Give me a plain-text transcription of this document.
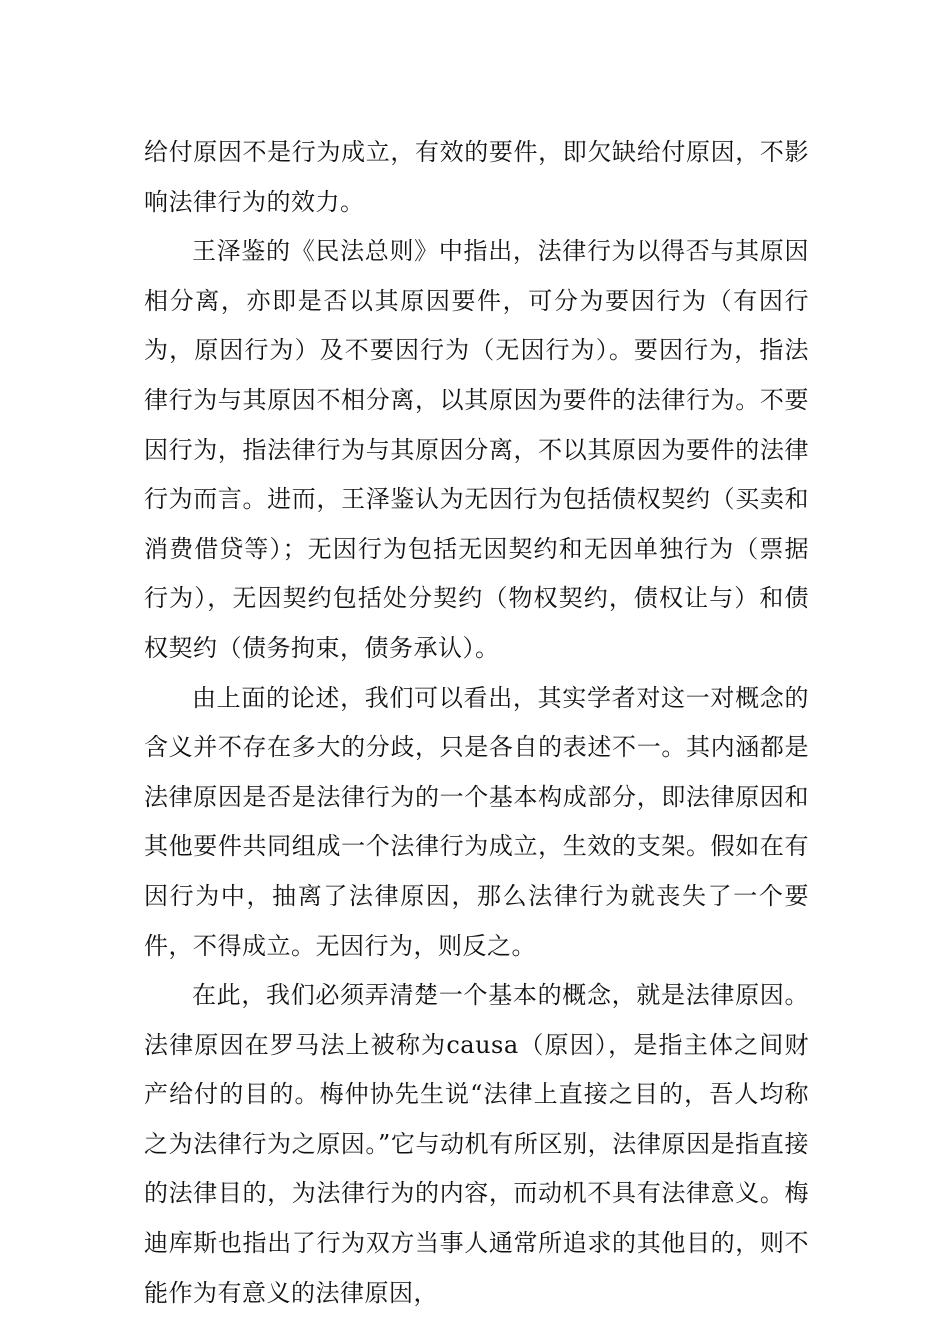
给付原因不是行为成立，有效的要件，即欠缺给付原因，不影响法律行为的效力。

王泽鉴的《民法总则》中指出，法律行为以得否与其原因相分离，亦即是否以其原因要件，可分为要因行为（有因行为，原因行为）及不要因行为（无因行为）。要因行为，指法律行为与其原因不相分离，以其原因为要件的法律行为。不要因行为，指法律行为与其原因分离，不以其原因为要件的法律行为而言。进而，王泽鉴认为无因行为包括债权契约（买卖和消费借贷等）；无因行为包括无因契约和无因单独行为（票据行为），无因契约包括处分契约（物权契约，债权让与）和债权契约（债务拘束，债务承认）。

由上面的论述，我们可以看出，其实学者对这一对概念的含义并不存在多大的分歧，只是各自的表述不一。其内涵都是法律原因是否是法律行为的一个基本构成部分，即法律原因和其他要件共同组成一个法律行为成立，生效的支架。假如在有因行为中，抽离了法律原因，那么法律行为就丧失了一个要件，不得成立。无因行为，则反之。

在此，我们必须弄清楚一个基本的概念，就是法律原因。法律原因在罗马法上被称为causa（原因），是指主体之间财产给付的目的。梅仲协先生说“法律上直接之目的，吾人均称之为法律行为之原因。”它与动机有所区别，法律原因是指直接的法律目的，为法律行为的内容，而动机不具有法律意义。梅迪库斯也指出了行为双方当事人通常所追求的其他目的，则不能作为有意义的法律原因，
